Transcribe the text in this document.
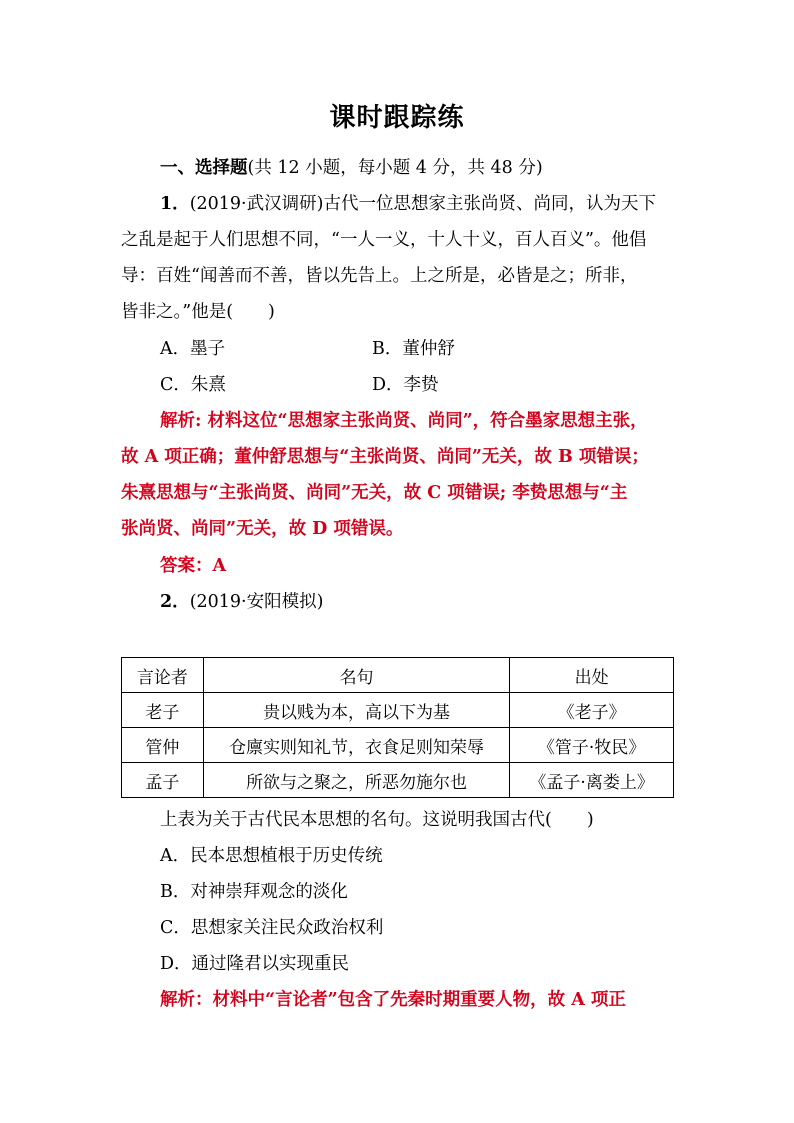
课时跟踪练
一、选择题(共 12 小题，每小题 4 分，共 48 分)
1．(2019·武汉调研)古代一位思想家主张尚贤、尚同，认为天下
之乱是起于人们思想不同，“一人一义，十人十义，百人百义”。他倡
导：百姓“闻善而不善，皆以先告上。上之所是，必皆是之；所非，
皆非之。”他是(　　)
A．墨子	B．董仲舒
C．朱熹	D．李贽
解析: 材料这位“思想家主张尚贤、尚同”，符合墨家思想主张，
故 A 项正确；董仲舒思想与“主张尚贤、尚同”无关，故 B 项错误；
朱熹思想与“主张尚贤、尚同”无关，故 C 项错误; 李贽思想与“主
张尚贤、尚同”无关，故 D 项错误。
答案：A
2．(2019·安阳模拟)
言论者	名句	出处
老子	贵以贱为本，高以下为基	《老子》
管仲	仓廪实则知礼节，衣食足则知荣辱	《管子·牧民》
孟子	所欲与之聚之，所恶勿施尔也	《孟子·离娄上》
上表为关于古代民本思想的名句。这说明我国古代(　　)
A．民本思想植根于历史传统
B．对神崇拜观念的淡化
C．思想家关注民众政治权利
D．通过隆君以实现重民
解析：材料中“言论者”包含了先秦时期重要人物，故 A 项正
